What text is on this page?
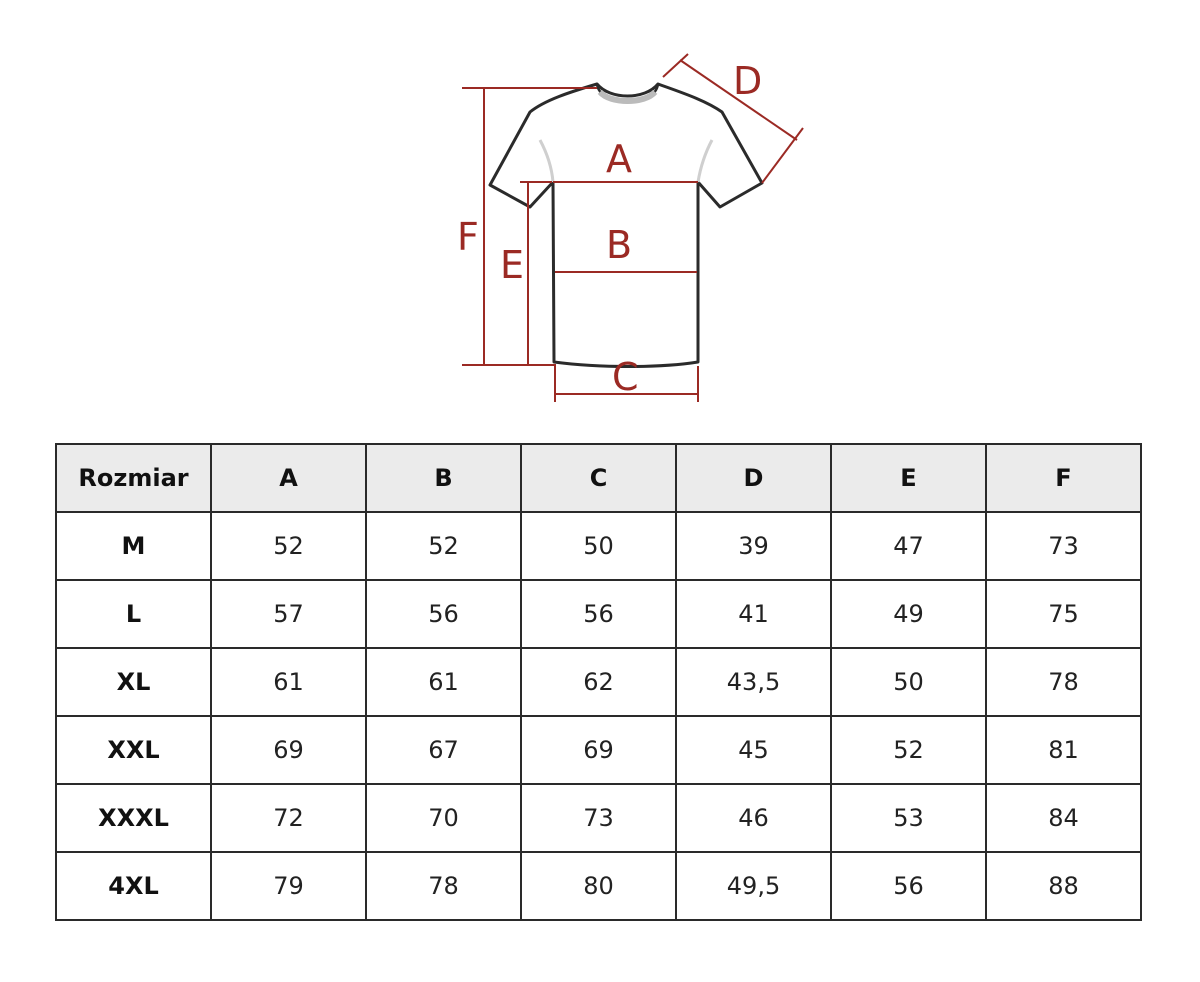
A
B
C
D
E
F
Rozmiar	A	B	C	D	E	F
M	52	52	50	39	47	73
L	57	56	56	41	49	75
XL	61	61	62	43,5	50	78
XXL	69	67	69	45	52	81
XXXL	72	70	73	46	53	84
4XL	79	78	80	49,5	56	88
